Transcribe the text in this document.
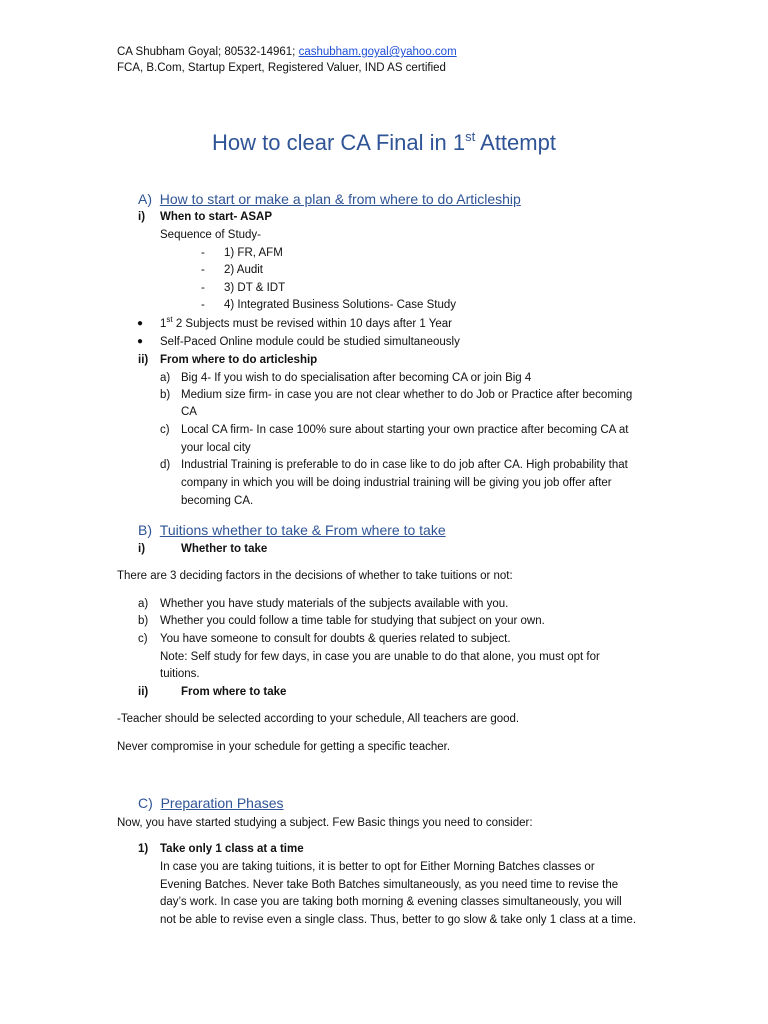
CA Shubham Goyal; 80532-14961; cashubham.goyal@yahoo.com
FCA, B.Com, Startup Expert, Registered Valuer, IND AS certified
How to clear CA Final in 1st Attempt
A) How to start or make a plan & from where to do Articleship
i) When to start- ASAP
Sequence of Study-
- 1) FR, AFM
- 2) Audit
- 3) DT & IDT
- 4) Integrated Business Solutions- Case Study
● 1st 2 Subjects must be revised within 10 days after 1 Year
● Self-Paced Online module could be studied simultaneously
ii) From where to do articleship
a) Big 4- If you wish to do specialisation after becoming CA or join Big 4
b) Medium size firm- in case you are not clear whether to do Job or Practice after becoming
CA
c) Local CA firm- In case 100% sure about starting your own practice after becoming CA at
your local city
d) Industrial Training is preferable to do in case like to do job after CA. High probability that
company in which you will be doing industrial training will be giving you job offer after
becoming CA.
B) Tuitions whether to take & From where to take
i)	Whether to take
There are 3 deciding factors in the decisions of whether to take tuitions or not:
a) Whether you have study materials of the subjects available with you.
b) Whether you could follow a time table for studying that subject on your own.
c) You have someone to consult for doubts & queries related to subject.
Note: Self study for few days, in case you are unable to do that alone, you must opt for
tuitions.
ii)	From where to take
-Teacher should be selected according to your schedule, All teachers are good.
Never compromise in your schedule for getting a specific teacher.
C) Preparation Phases
Now, you have started studying a subject. Few Basic things you need to consider:
1) Take only 1 class at a time
In case you are taking tuitions, it is better to opt for Either Morning Batches classes or
Evening Batches. Never take Both Batches simultaneously, as you need time to revise the
day’s work. In case you are taking both morning & evening classes simultaneously, you will
not be able to revise even a single class. Thus, better to go slow & take only 1 class at a time.
